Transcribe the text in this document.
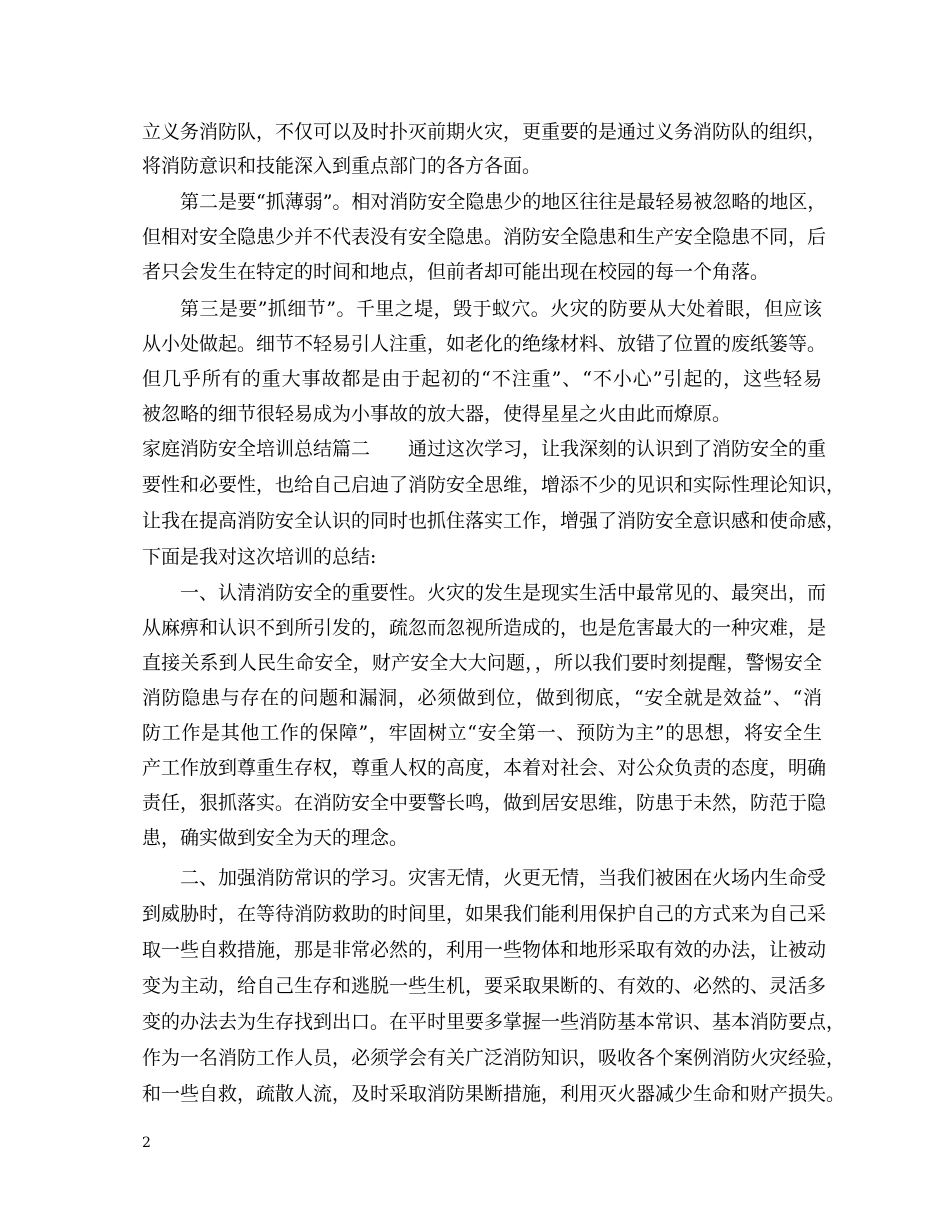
立义务消防队，不仅可以及时扑灭前期火灾，更重要的是通过义务消防队的组织，
将消防意识和技能深入到重点部门的各方各面。
第二是要“抓薄弱”。相对消防安全隐患少的地区往往是最轻易被忽略的地区，
但相对安全隐患少并不代表没有安全隐患。消防安全隐患和生产安全隐患不同，后
者只会发生在特定的时间和地点，但前者却可能出现在校园的每一个角落。
第三是要”抓细节”。千里之堤，毁于蚁穴。火灾的防要从大处着眼，但应该
从小处做起。细节不轻易引人注重，如老化的绝缘材料、放错了位置的废纸篓等。
但几乎所有的重大事故都是由于起初的“不注重”、“不小心”引起的，这些轻易
被忽略的细节很轻易成为小事故的放大器，使得星星之火由此而燎原。
家庭消防安全培训总结篇二　　通过这次学习，让我深刻的认识到了消防安全的重
要性和必要性，也给自己启迪了消防安全思维，增添不少的见识和实际性理论知识，
让我在提高消防安全认识的同时也抓住落实工作，增强了消防安全意识感和使命感，
下面是我对这次培训的总结:
一、认清消防安全的重要性。火灾的发生是现实生活中最常见的、最突出，而
从麻痹和认识不到所引发的，疏忽而忽视所造成的，也是危害最大的一种灾难，是
直接关系到人民生命安全，财产安全大大问题，，所以我们要时刻提醒，警惕安全
消防隐患与存在的问题和漏洞，必须做到位，做到彻底，“安全就是效益”、“消
防工作是其他工作的保障”，牢固树立“安全第一、预防为主”的思想，将安全生
产工作放到尊重生存权，尊重人权的高度，本着对社会、对公众负责的态度，明确
责任，狠抓落实。在消防安全中要警长鸣，做到居安思维，防患于未然，防范于隐
患，确实做到安全为天的理念。
二、加强消防常识的学习。灾害无情，火更无情，当我们被困在火场内生命受
到威胁时，在等待消防救助的时间里，如果我们能利用保护自己的方式来为自己采
取一些自救措施，那是非常必然的，利用一些物体和地形采取有效的办法，让被动
变为主动，给自己生存和逃脱一些生机，要采取果断的、有效的、必然的、灵活多
变的办法去为生存找到出口。在平时里要多掌握一些消防基本常识、基本消防要点，
作为一名消防工作人员，必须学会有关广泛消防知识，吸收各个案例消防火灾经验，
和一些自救，疏散人流，及时采取消防果断措施，利用灭火器减少生命和财产损失。
2
